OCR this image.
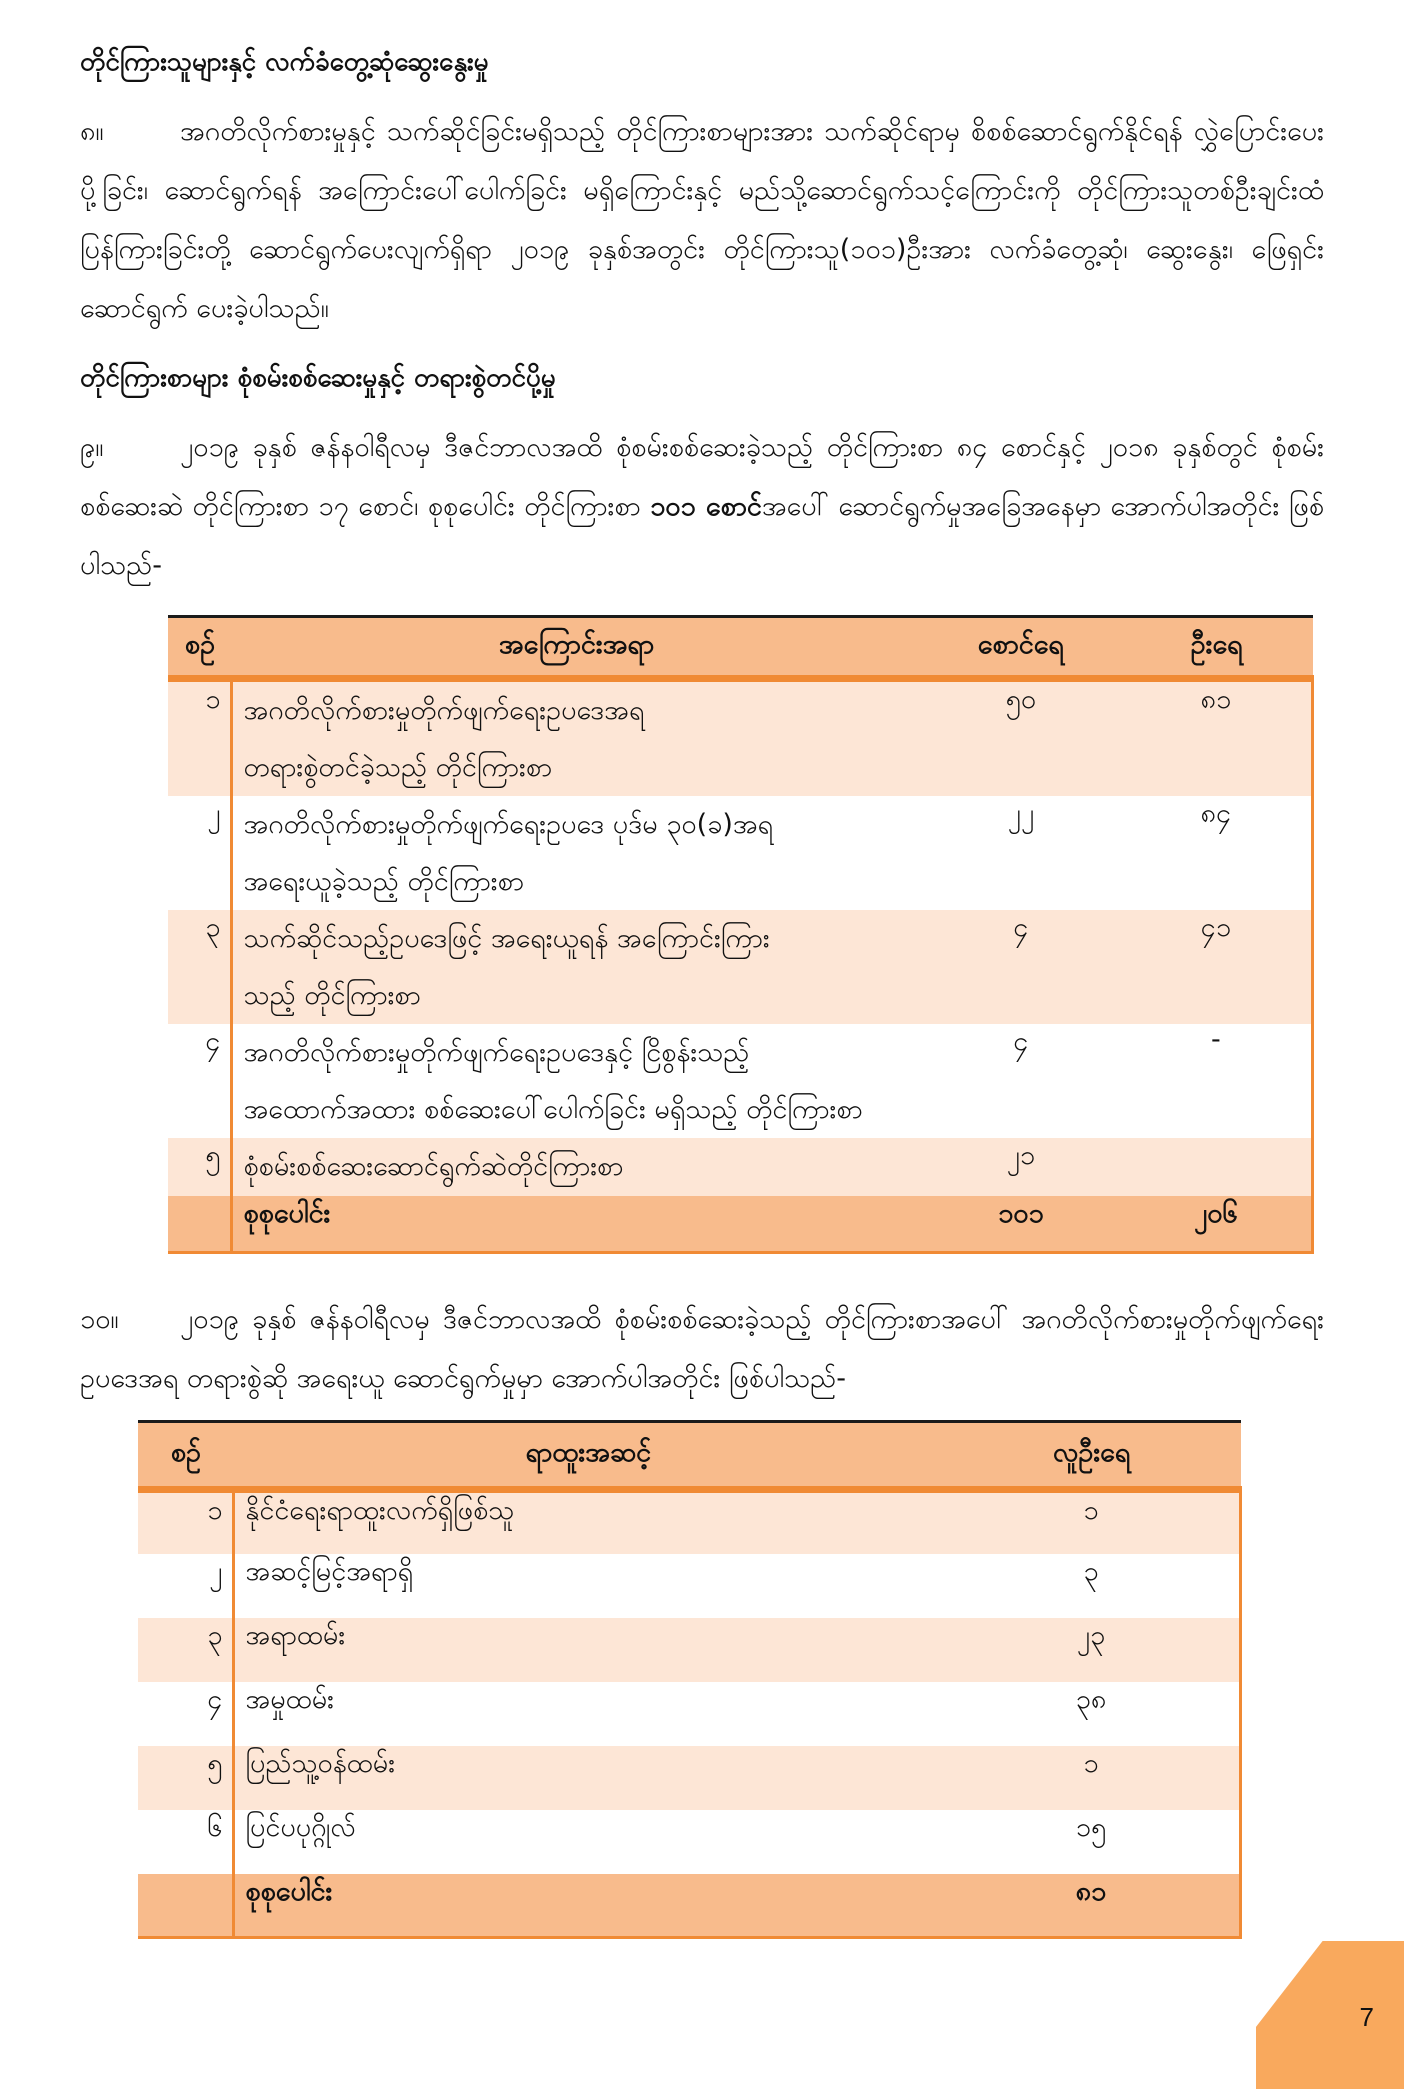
တိုင်ကြားသူများနှင့် လက်ခံတွေ့ဆုံဆွေးနွေးမှု

၈။	အဂတိလိုက်စားမှုနှင့် သက်ဆိုင်ခြင်းမရှိသည့် တိုင်ကြားစာများအား သက်ဆိုင်ရာမှ စိစစ်ဆောင်ရွက်နိုင်ရန် လွှဲပြောင်းပေးပို့ခြင်း၊ ဆောင်ရွက်ရန် အကြောင်းပေါ်ပေါက်ခြင်း မရှိကြောင်းနှင့် မည်သို့ဆောင်ရွက်သင့်ကြောင်းကို တိုင်ကြားသူတစ်ဦးချင်းထံ ပြန်ကြားခြင်းတို့ ဆောင်ရွက်ပေးလျက်ရှိရာ ၂၀၁၉ ခုနှစ်အတွင်း တိုင်ကြားသူ(၁၀၁)ဦးအား လက်ခံတွေ့ဆုံ၊ ဆွေးနွေး၊ ဖြေရှင်းဆောင်ရွက် ပေးခဲ့ပါသည်။

တိုင်ကြားစာများ စုံစမ်းစစ်ဆေးမှုနှင့် တရားစွဲတင်ပို့မှု

၉။	၂၀၁၉ ခုနှစ် ဇန်နဝါရီလမှ ဒီဇင်ဘာလအထိ စုံစမ်းစစ်ဆေးခဲ့သည့် တိုင်ကြားစာ ၈၄ စောင်နှင့် ၂၀၁၈ ခုနှစ်တွင် စုံစမ်းစစ်ဆေးဆဲ တိုင်ကြားစာ ၁၇ စောင်၊ စုစုပေါင်း တိုင်ကြားစာ ၁၀၁ စောင်အပေါ် ဆောင်ရွက်မှုအခြေအနေမှာ အောက်ပါအတိုင်း ဖြစ်ပါသည်-

စဉ်	အကြောင်းအရာ	စောင်ရေ	ဦးရေ
၁	အဂတိလိုက်စားမှုတိုက်ဖျက်ရေးဥပဒေအရ
တရားစွဲတင်ခဲ့သည့် တိုင်ကြားစာ	၅၀	၈၁
၂	အဂတိလိုက်စားမှုတိုက်ဖျက်ရေးဥပဒေ ပုဒ်မ ၃၀(ခ)အရ
အရေးယူခဲ့သည့် တိုင်ကြားစာ	၂၂	၈၄
၃	သက်ဆိုင်သည့်ဥပဒေဖြင့် အရေးယူရန် အကြောင်းကြား
သည့် တိုင်ကြားစာ	၄	၄၁
၄	အဂတိလိုက်စားမှုတိုက်ဖျက်ရေးဥပဒေနှင့် ငြိစွန်းသည့်
အထောက်အထား စစ်ဆေးပေါ်ပေါက်ခြင်း မရှိသည့် တိုင်ကြားစာ	၄	-
၅	စုံစမ်းစစ်ဆေးဆောင်ရွက်ဆဲတိုင်ကြားစာ	၂၁	
	စုစုပေါင်း	၁၀၁	၂၀၆

၁၀။ ၂၀၁၉ ခုနှစ် ဇန်နဝါရီလမှ ဒီဇင်ဘာလအထိ စုံစမ်းစစ်ဆေးခဲ့သည့် တိုင်ကြားစာအပေါ် အဂတိလိုက်စားမှုတိုက်ဖျက်ရေးဥပဒေအရ တရားစွဲဆို အရေးယူ ဆောင်ရွက်မှုမှာ အောက်ပါအတိုင်း ဖြစ်ပါသည်-

စဉ်	ရာထူးအဆင့်	လူဦးရေ
၁	နိုင်ငံရေးရာထူးလက်ရှိဖြစ်သူ	၁
၂	အဆင့်မြင့်အရာရှိ	၃
၃	အရာထမ်း	၂၃
၄	အမှုထမ်း	၃၈
၅	ပြည်သူ့ဝန်ထမ်း	၁
၆	ပြင်ပပုဂ္ဂိုလ်	၁၅
	စုစုပေါင်း	၈၁
7
